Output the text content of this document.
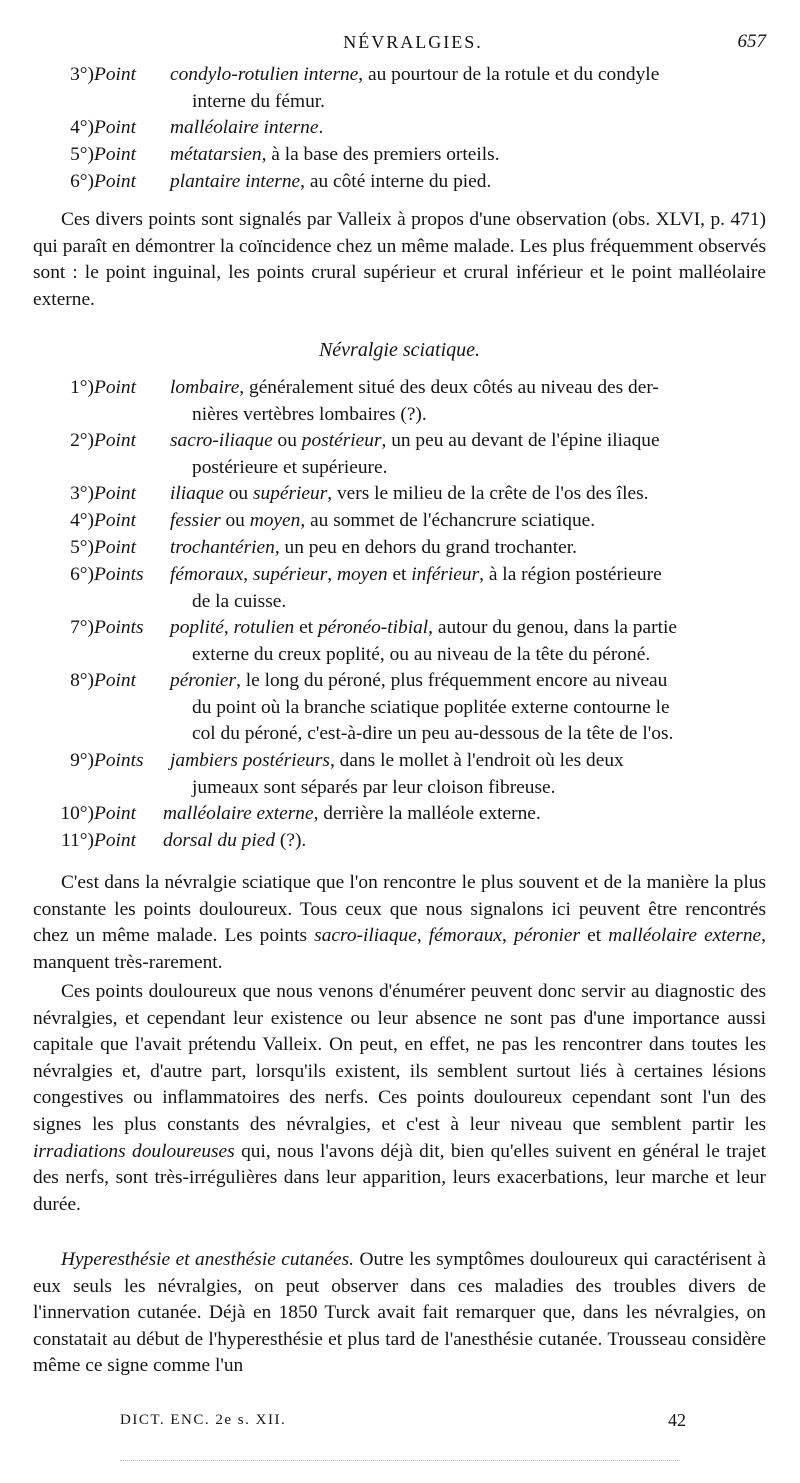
NÉVRALGIES.	657
3°) Point condylo-rotulien interne, au pourtour de la rotule et du condyle
interne du fémur.
4°) Point malléolaire interne.
5°) Point métatarsien, à la base des premiers orteils.
6°) Point plantaire interne, au côté interne du pied.
Ces divers points sont signalés par Valleix à propos d'une observation (obs. XLVI, p. 471) qui paraît en démontrer la coïncidence chez un même malade. Les plus fréquemment observés sont : le point inguinal, les points crural supérieur et crural inférieur et le point malléolaire externe.
Névralgie sciatique.
1°) Point lombaire, généralement situé des deux côtés au niveau des der-
nières vertèbres lombaires (?).
2°) Point sacro-iliaque ou postérieur, un peu au devant de l'épine iliaque
postérieure et supérieure.
3°) Point iliaque ou supérieur, vers le milieu de la crête de l'os des îles.
4°) Point fessier ou moyen, au sommet de l'échancrure sciatique.
5°) Point trochantérien, un peu en dehors du grand trochanter.
6°) Points fémoraux, supérieur, moyen et inférieur, à la région postérieure
de la cuisse.
7°) Points poplité, rotulien et péronéo-tibial, autour du genou, dans la partie
externe du creux poplité, ou au niveau de la tête du péroné.
8°) Point péronier, le long du péroné, plus fréquemment encore au niveau
du point où la branche sciatique poplitée externe contourne le
col du péroné, c'est-à-dire un peu au-dessous de la tête de l'os.
9°) Points jambiers postérieurs, dans le mollet à l'endroit où les deux
jumeaux sont séparés par leur cloison fibreuse.
10°) Point malléolaire externe, derrière la malléole externe.
11°) Point dorsal du pied (?).
C'est dans la névralgie sciatique que l'on rencontre le plus souvent et de la manière la plus constante les points douloureux. Tous ceux que nous signalons ici peuvent être rencontrés chez un même malade. Les points sacro-iliaque, fémoraux, péronier et malléolaire externe, manquent très-rarement.
Ces points douloureux que nous venons d'énumérer peuvent donc servir au diagnostic des névralgies, et cependant leur existence ou leur absence ne sont pas d'une importance aussi capitale que l'avait prétendu Valleix. On peut, en effet, ne pas les rencontrer dans toutes les névralgies et, d'autre part, lorsqu'ils existent, ils semblent surtout liés à certaines lésions congestives ou inflammatoires des nerfs. Ces points douloureux cependant sont l'un des signes les plus constants des névralgies, et c'est à leur niveau que semblent partir les irradiations douloureuses qui, nous l'avons déjà dit, bien qu'elles suivent en général le trajet des nerfs, sont très-irrégulières dans leur apparition, leurs exacerbations, leur marche et leur durée.
Hyperesthésie et anesthésie cutanées. Outre les symptômes douloureux qui caractérisent à eux seuls les névralgies, on peut observer dans ces maladies des troubles divers de l'innervation cutanée. Déjà en 1850 Turck avait fait remarquer que, dans les névralgies, on constatait au début de l'hyperesthésie et plus tard de l'anesthésie cutanée. Trousseau considère même ce signe comme l'un
DICT. ENC. 2e s. XII.	42
